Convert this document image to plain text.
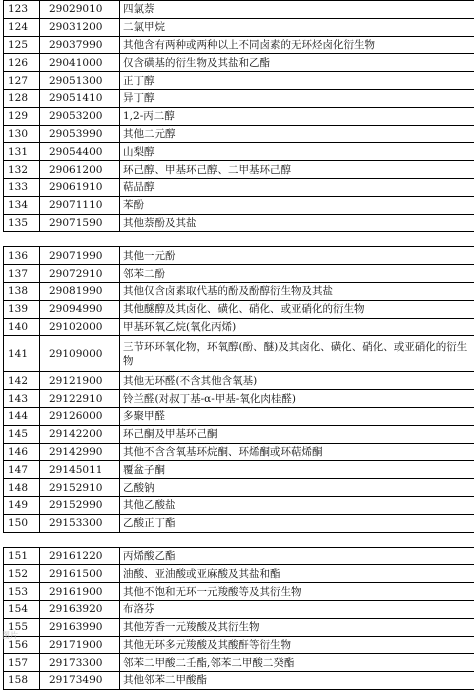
123	29029010	四氯萘
124	29031200	二氯甲烷
125	29037990	其他含有两种或两种以上不同卤素的无环烃卤化衍生物
126	29041000	仅含磺基的衍生物及其盐和乙酯
127	29051300	正丁醇
128	29051410	异丁醇
129	29053200	1,2-丙二醇
130	29053990	其他二元醇
131	29054400	山梨醇
132	29061200	环己醇、甲基环己醇、二甲基环己醇
133	29061910	萜品醇
134	29071110	苯酚
135	29071590	其他萘酚及其盐

136	29071990	其他一元酚
137	29072910	邻苯二酚
138	29081990	其他仅含卤素取代基的酚及酚醇衍生物及其盐
139	29094990	其他醚醇及其卤化、磺化、硝化、或亚硝化的衍生物
140	29102000	甲基环氧乙烷(氧化丙烯)
141	29109000	三节环环氧化物，环氧醇(酚、醚)及其卤化、磺化、硝化、或亚硝化的衍生物
142	29121900	其他无环醛(不含其他含氧基)
143	29122910	铃兰醛(对叔丁基-α-甲基-氧化肉桂醛)
144	29126000	多聚甲醛
145	29142200	环己酮及甲基环己酮
146	29142990	其他不含含氧基环烷酮、环烯酮或环萜烯酮
147	29145011	覆盆子酮
148	29152910	乙酸钠
149	29152990	其他乙酸盐
150	29153300	乙酸正丁酯

151	29161220	丙烯酸乙酯
152	29161500	油酸、亚油酸或亚麻酸及其盐和酯
153	29161900	其他不饱和无环一元羧酸等及其衍生物
154	29163920	布洛芬
155	29163990	其他芳香一元羧酸及其衍生物
156	29171900	其他无环多元羧酸及其酸酐等衍生物
157	29173300	邻苯二甲酸二壬酯,邻苯二甲酸二癸酯
158	29173490	其他邻苯二甲酸酯
图片
